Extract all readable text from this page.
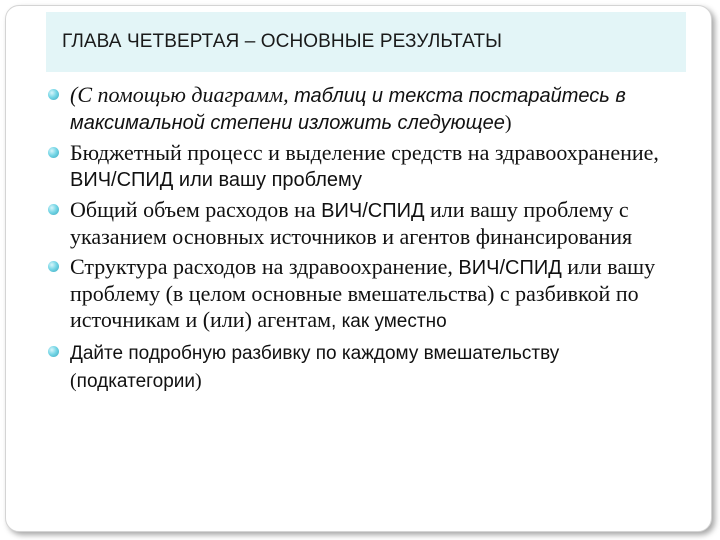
ГЛАВА ЧЕТВЕРТАЯ – ОСНОВНЫЕ РЕЗУЛЬТАТЫ
(С помощью диаграмм, таблиц и текста постарайтесь в максимальной степени изложить следующее)
Бюджетный процесс и выделение средств на здравоохранение, ВИЧ/СПИД или вашу проблему
Общий объем расходов на ВИЧ/СПИД или вашу проблему с указанием основных источников и агентов финансирования
Структура расходов на здравоохранение, ВИЧ/СПИД или вашу проблему (в целом основные вмешательства) с разбивкой по источникам и (или) агентам, как уместно
Дайте подробную разбивку по каждому вмешательству (подкатегории)
